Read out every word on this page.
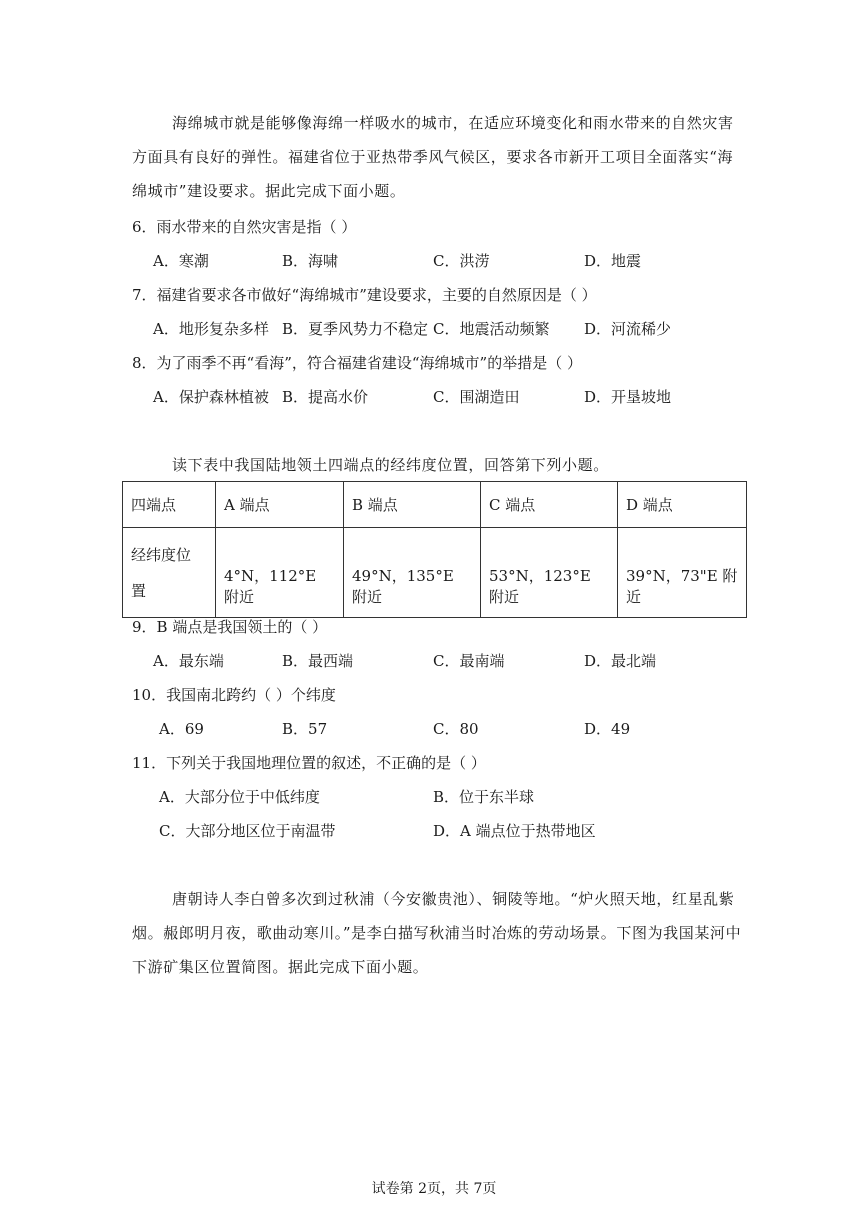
海绵城市就是能够像海绵一样吸水的城市，在适应环境变化和雨水带来的自然灾害方面具有良好的弹性。福建省位于亚热带季风气候区，要求各市新开工项目全面落实“海绵城市”建设要求。据此完成下面小题。
6．雨水带来的自然灾害是指（ ）
A．寒潮	B．海啸	C．洪涝	D．地震
7．福建省要求各市做好“海绵城市”建设要求，主要的自然原因是（ ）
A．地形复杂多样 B．夏季风势力不稳定 C．地震活动频繁 D．河流稀少
8．为了雨季不再“看海”，符合福建省建设“海绵城市”的举措是（ ）
A．保护森林植被 B．提高水价	C．围湖造田	D．开垦坡地
读下表中我国陆地领土四端点的经纬度位置，回答第下列小题。
四端点	A 端点	B 端点	C 端点	D 端点
经纬度位
置	4°N，112°E 附近	49°N，135°E 附近	53°N，123°E 附近	39°N，73"E 附近
9．B 端点是我国领土的（ ）
A．最东端	B．最西端	C．最南端	D．最北端
10．我国南北跨约（ ）个纬度
A．69	B．57	C．80	D．49
11．下列关于我国地理位置的叙述，不正确的是（ ）
A．大部分位于中低纬度	B．位于东半球
C．大部分地区位于南温带	D．A 端点位于热带地区
唐朝诗人李白曾多次到过秋浦（今安徽贵池）、铜陵等地。“炉火照天地，红星乱紫烟。赧郎明月夜，歌曲动寒川。”是李白描写秋浦当时冶炼的劳动场景。下图为我国某河中下游矿集区位置简图。据此完成下面小题。
试卷第 2页，共 7页
